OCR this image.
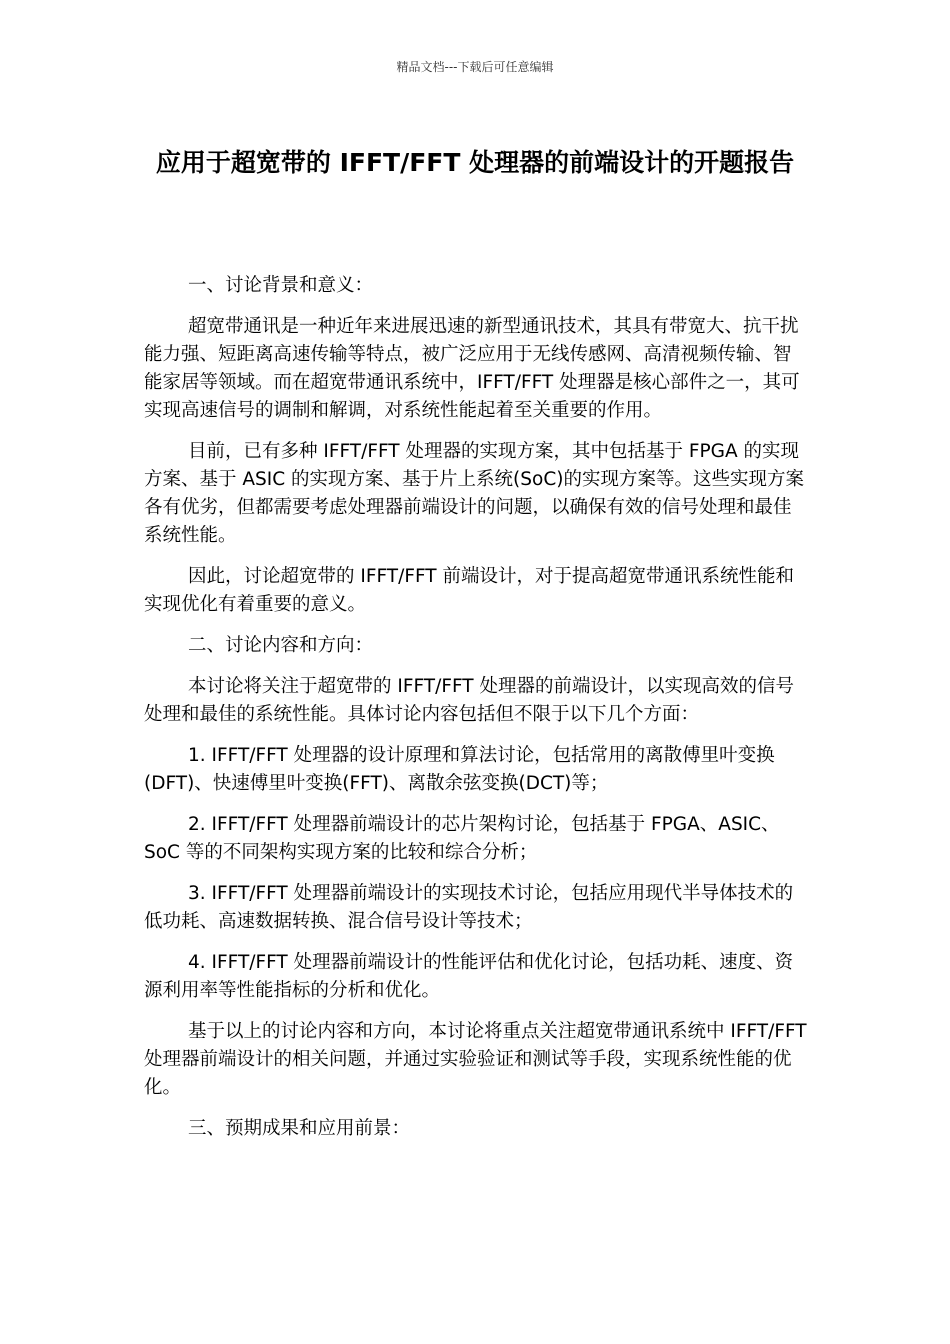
精品文档---下载后可任意编辑
应用于超宽带的 IFFT/FFT 处理器的前端设计的开题报告

一、讨论背景和意义：

超宽带通讯是一种近年来进展迅速的新型通讯技术，其具有带宽大、抗干扰能力强、短距离高速传输等特点，被广泛应用于无线传感网、高清视频传输、智能家居等领域。而在超宽带通讯系统中，IFFT/FFT 处理器是核心部件之一，其可实现高速信号的调制和解调，对系统性能起着至关重要的作用。

目前，已有多种 IFFT/FFT 处理器的实现方案，其中包括基于 FPGA 的实现方案、基于 ASIC 的实现方案、基于片上系统(SoC)的实现方案等。这些实现方案各有优劣，但都需要考虑处理器前端设计的问题，以确保有效的信号处理和最佳系统性能。

因此，讨论超宽带的 IFFT/FFT 前端设计，对于提高超宽带通讯系统性能和实现优化有着重要的意义。

二、讨论内容和方向：

本讨论将关注于超宽带的 IFFT/FFT 处理器的前端设计，以实现高效的信号处理和最佳的系统性能。具体讨论内容包括但不限于以下几个方面：

1. IFFT/FFT 处理器的设计原理和算法讨论，包括常用的离散傅里叶变换(DFT)、快速傅里叶变换(FFT)、离散余弦变换(DCT)等；

2. IFFT/FFT 处理器前端设计的芯片架构讨论，包括基于 FPGA、ASIC、SoC 等的不同架构实现方案的比较和综合分析；

3. IFFT/FFT 处理器前端设计的实现技术讨论，包括应用现代半导体技术的低功耗、高速数据转换、混合信号设计等技术；

4. IFFT/FFT 处理器前端设计的性能评估和优化讨论，包括功耗、速度、资源利用率等性能指标的分析和优化。

基于以上的讨论内容和方向，本讨论将重点关注超宽带通讯系统中 IFFT/FFT 处理器前端设计的相关问题，并通过实验验证和测试等手段，实现系统性能的优化。

三、预期成果和应用前景：
